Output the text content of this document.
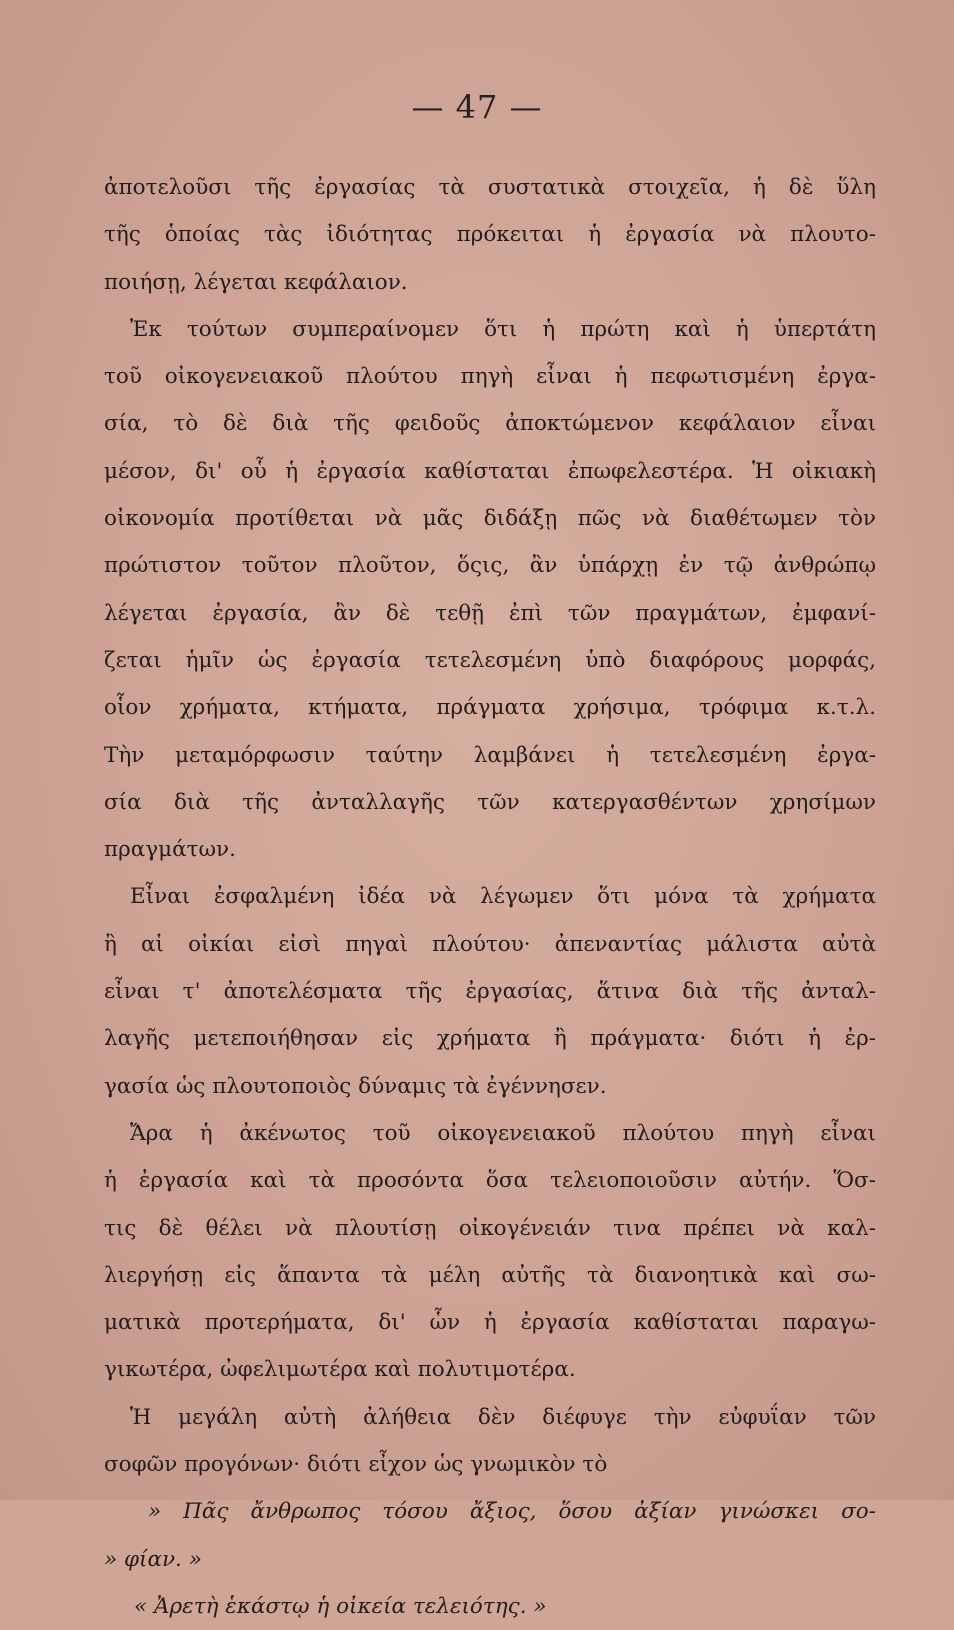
— 47 —
ἀποτελοῦσι τῆς ἐργασίας τὰ συστατικὰ στοιχεῖα, ἡ δὲ ὕλη
τῆς ὁποίας τὰς ἰδιότητας πρόκειται ἡ ἐργασία νὰ πλουτο-
ποιήσῃ, λέγεται κεφάλαιον.
Ἐκ τούτων συμπεραίνομεν ὅτι ἡ πρώτη καὶ ἡ ὑπερτάτη
τοῦ οἰκογενειακοῦ πλούτου πηγὴ εἶναι ἡ πεφωτισμένη ἐργα-
σία, τὸ δὲ διὰ τῆς φειδοῦς ἀποκτώμενον κεφάλαιον εἶναι
μέσον, δι' οὗ ἡ ἐργασία καθίσταται ἐπωφελεστέρα. Ἡ οἰκιακὴ
οἰκονομία προτίθεται νὰ μᾶς διδάξῃ πῶς νὰ διαθέτωμεν τὸν
πρώτιστον τοῦτον πλοῦτον, ὅςις, ἂν ὑπάρχῃ ἐν τῷ ἀνθρώπῳ
λέγεται ἐργασία, ἂν δὲ τεθῇ ἐπὶ τῶν πραγμάτων, ἐμφανί-
ζεται ἡμῖν ὡς ἐργασία τετελεσμένη ὑπὸ διαφόρους μορφάς,
οἷον χρήματα, κτήματα, πράγματα χρήσιμα, τρόφιμα κ.τ.λ.
Τὴν μεταμόρφωσιν ταύτην λαμβάνει ἡ τετελεσμένη ἐργα-
σία διὰ τῆς ἀνταλλαγῆς τῶν κατεργασθέντων χρησίμων
πραγμάτων.
Εἶναι ἐσφαλμένη ἰδέα νὰ λέγωμεν ὅτι μόνα τὰ χρήματα
ἢ αἱ οἰκίαι εἰσὶ πηγαὶ πλούτου· ἀπεναντίας μάλιστα αὐτὰ
εἶναι τ' ἀποτελέσματα τῆς ἐργασίας, ἅτινα διὰ τῆς ἀνταλ-
λαγῆς μετεποιήθησαν εἰς χρήματα ἢ πράγματα· διότι ἡ ἐρ-
γασία ὡς πλουτοποιὸς δύναμις τὰ ἐγέννησεν.
Ἄρα ἡ ἀκένωτος τοῦ οἰκογενειακοῦ πλούτου πηγὴ εἶναι
ἡ ἐργασία καὶ τὰ προσόντα ὅσα τελειοποιοῦσιν αὐτήν. Ὅσ-
τις δὲ θέλει νὰ πλουτίσῃ οἰκογένειάν τινα πρέπει νὰ καλ-
λιεργήσῃ εἰς ἅπαντα τὰ μέλη αὐτῆς τὰ διανοητικὰ καὶ σω-
ματικὰ προτερήματα, δι' ὧν ἡ ἐργασία καθίσταται παραγω-
γικωτέρα, ὠφελιμωτέρα καὶ πολυτιμοτέρα.
Ἡ μεγάλη αὐτὴ ἀλήθεια δὲν διέφυγε τὴν εὐφυΐαν τῶν
σοφῶν προγόνων· διότι εἶχον ὡς γνωμικὸν τὸ
» Πᾶς ἄνθρωπος τόσου ἄξιος, ὅσου ἀξίαν γινώσκει σο-
» φίαν. »
« Ἀρετὴ ἑκάστῳ ἡ οἰκεία τελειότης. »
